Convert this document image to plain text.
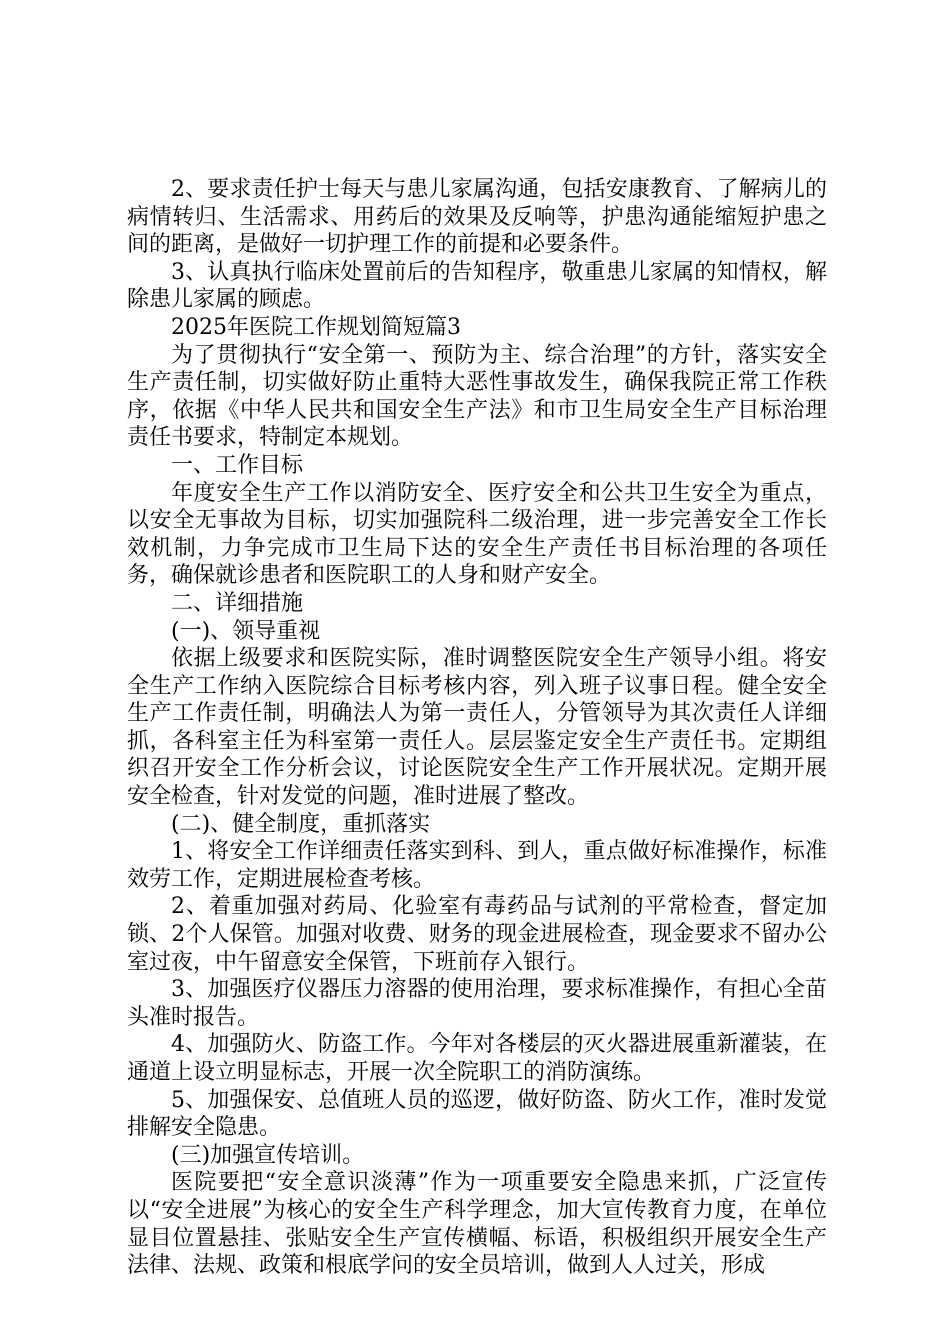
2、要求责任护士每天与患儿家属沟通，包括安康教育、了解病儿的病情转归、生活需求、用药后的效果及反响等，护患沟通能缩短护患之间的距离，是做好一切护理工作的前提和必要条件。

3、认真执行临床处置前后的告知程序，敬重患儿家属的知情权，解除患儿家属的顾虑。

2025年医院工作规划简短篇3

为了贯彻执行“安全第一、预防为主、综合治理”的方针，落实安全生产责任制，切实做好防止重特大恶性事故发生，确保我院正常工作秩序，依据《中华人民共和国安全生产法》和市卫生局安全生产目标治理责任书要求，特制定本规划。

一、工作目标

年度安全生产工作以消防安全、医疗安全和公共卫生安全为重点，以安全无事故为目标，切实加强院科二级治理，进一步完善安全工作长效机制，力争完成市卫生局下达的安全生产责任书目标治理的各项任务，确保就诊患者和医院职工的人身和财产安全。

二、详细措施

(一)、领导重视

依据上级要求和医院实际，准时调整医院安全生产领导小组。将安全生产工作纳入医院综合目标考核内容，列入班子议事日程。健全安全生产工作责任制，明确法人为第一责任人，分管领导为其次责任人详细抓，各科室主任为科室第一责任人。层层鉴定安全生产责任书。定期组织召开安全工作分析会议，讨论医院安全生产工作开展状况。定期开展安全检查，针对发觉的问题，准时进展了整改。

(二)、健全制度，重抓落实

1、将安全工作详细责任落实到科、到人，重点做好标准操作，标准效劳工作，定期进展检查考核。

2、着重加强对药局、化验室有毒药品与试剂的平常检查，督定加锁、2个人保管。加强对收费、财务的现金进展检查，现金要求不留办公室过夜，中午留意安全保管，下班前存入银行。

3、加强医疗仪器压力溶器的使用治理，要求标准操作，有担心全苗头准时报告。

4、加强防火、防盗工作。今年对各楼层的灭火器进展重新灌装，在通道上设立明显标志，开展一次全院职工的消防演练。

5、加强保安、总值班人员的巡逻，做好防盗、防火工作，准时发觉排解安全隐患。

(三)加强宣传培训。

医院要把“安全意识淡薄”作为一项重要安全隐患来抓，广泛宣传以“安全进展”为核心的安全生产科学理念，加大宣传教育力度，在单位显目位置悬挂、张贴安全生产宣传横幅、标语，积极组织开展安全生产法律、法规、政策和根底学问的安全员培训，做到人人过关，形成
